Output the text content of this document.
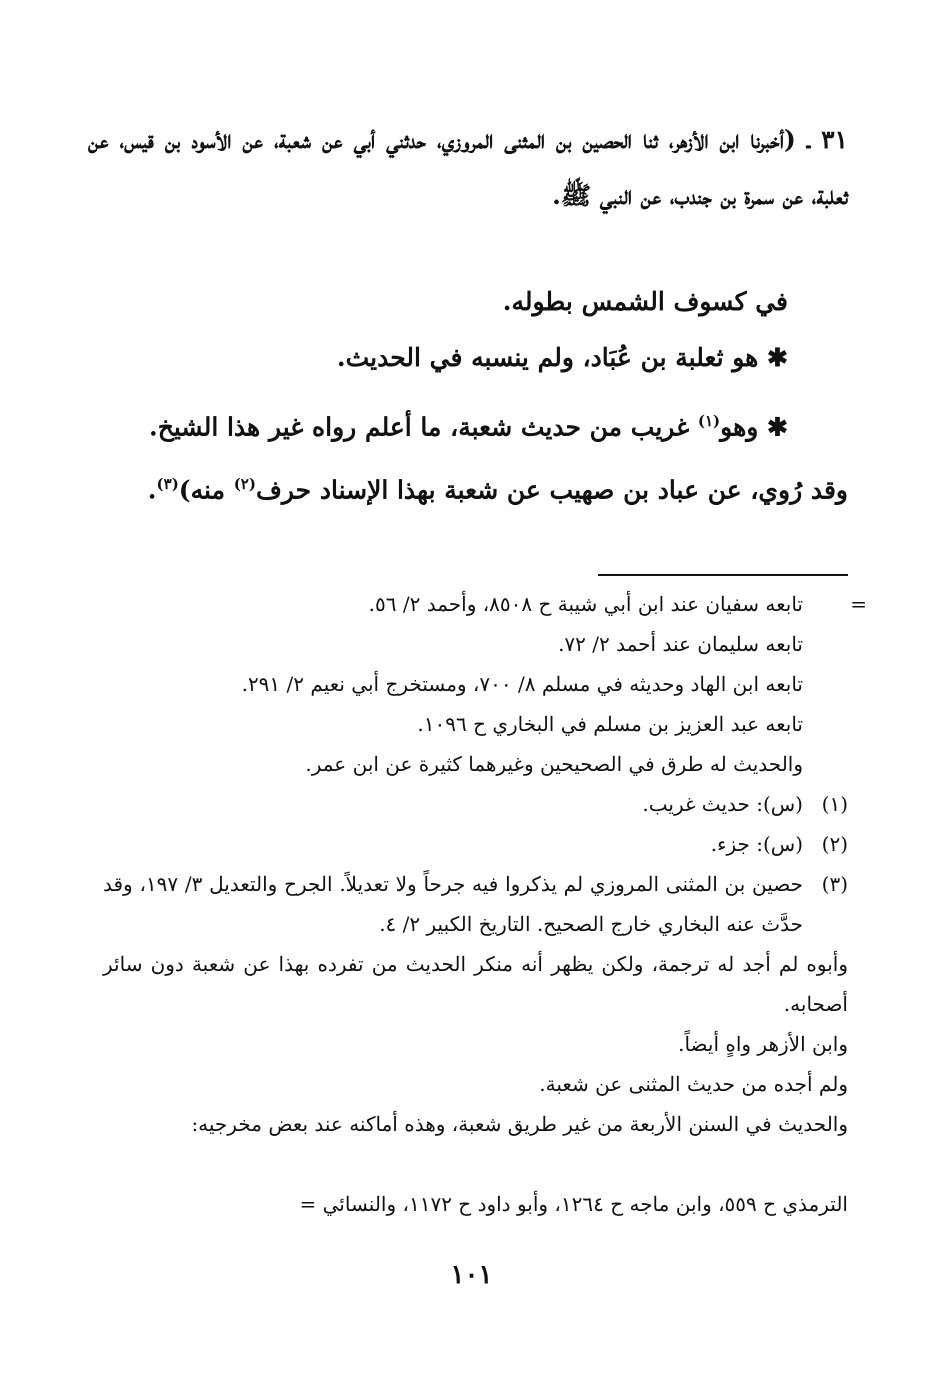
٣١ ـ (أخبرنا ابن الأزهر، ثنا الحصين بن المثنى المروزي، حدثني أبي عن شعبة، عن الأسود بن قيس، عن ثعلبة، عن سمرة بن جندب، عن النبي ﷺ.

في كسوف الشمس بطوله.

✱ هو ثعلبة بن عُبَاد، ولم ينسبه في الحديث.

✱ وهو$^{(١)}$ غريب من حديث شعبة، ما أعلم رواه غير هذا الشيخ.

وقد رُوي، عن عباد بن صهيب عن شعبة بهذا الإسناد حرف$^{(٢)}$ منه)$^{(٣)}$.

=

تابعه سفيان عند ابن أبي شيبة ح ٨٥٠٨، وأحمد ٢/ ٥٦.

تابعه سليمان عند أحمد ٢/ ٧٢.

تابعه ابن الهاد وحديثه في مسلم ٨/ ٧٠٠، ومستخرج أبي نعيم ٢/ ٢٩١.

تابعه عبد العزيز بن مسلم في البخاري ح ١٠٩٦.

والحديث له طرق في الصحيحين وغيرهما كثيرة عن ابن عمر.

(١)

(س): حديث غريب.

(٢)

(س): جزء.

(٣)

حصين بن المثنى المروزي لم يذكروا فيه جرحاً ولا تعديلاً. الجرح والتعديل ٣/ ١٩٧، وقد حدَّث عنه البخاري خارج الصحيح. التاريخ الكبير ٢/ ٤.

وأبوه لم أجد له ترجمة، ولكن يظهر أنه منكر الحديث من تفرده بهذا عن شعبة دون سائر أصحابه.

وابن الأزهر واهٍ أيضاً.

ولم أجده من حديث المثنى عن شعبة.

والحديث في السنن الأربعة من غير طريق شعبة، وهذه أماكنه عند بعض مخرجيه:

الترمذي ح ٥٥٩، وابن ماجه ح ١٢٦٤، وأبو داود ح ١١٧٢، والنسائي =

١٠١
